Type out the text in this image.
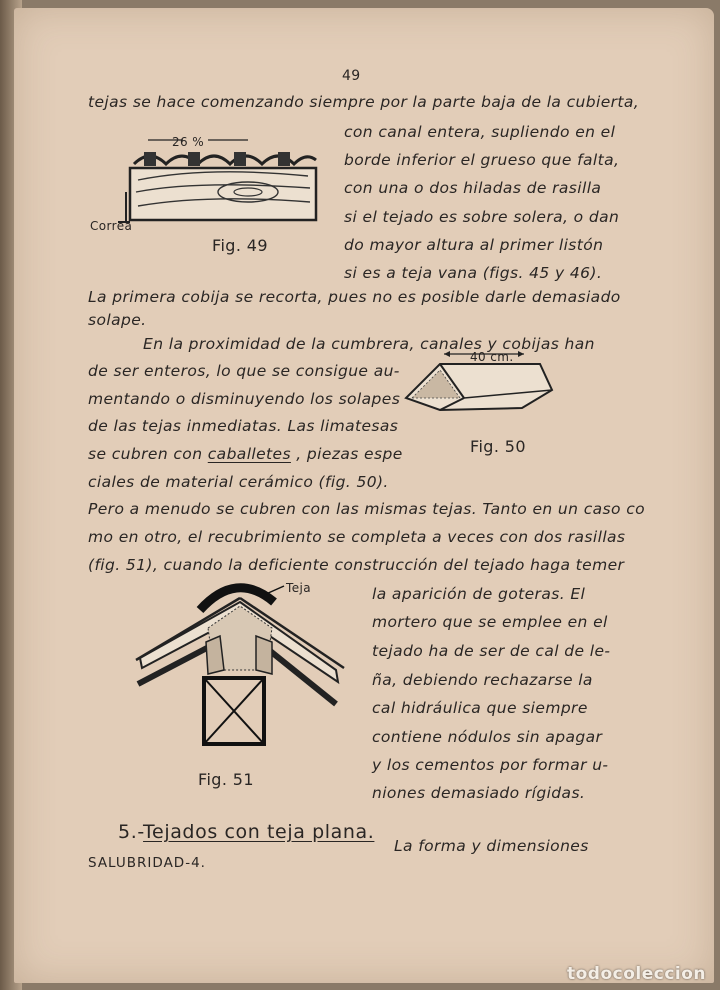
49

tejas se hace comenzando siempre por la parte baja de la cubierta,

con canal entera, supliendo en el

borde inferior el grueso que falta,

con una o dos hiladas de rasilla

si el tejado es sobre solera, o dan

do mayor altura al primer listón

si es a teja vana (figs. 45 y 46).

La primera cobija se recorta, pues no es posible darle demasiado

solape.

En la proximidad de la cumbrera, canales y cobijas han

de ser enteros, lo que se consigue au-

mentando o disminuyendo los solapes

de las tejas inmediatas. Las limatesas

se cubren con caballetes , piezas espe

ciales de material cerámico (fig. 50).

Pero a menudo se cubren con las mismas tejas. Tanto en un caso co

mo en otro, el recubrimiento se completa a veces con dos rasillas

(fig. 51), cuando la deficiente construcción del tejado haga temer

la aparición de goteras. El

mortero que se emplee en el

tejado ha de ser de cal de le-

ña, debiendo rechazarse la

cal hidráulica que siempre

contiene nódulos sin apagar

y los cementos por formar u-

niones demasiado rígidas.

26 %

Correa

Fig. 49

40 cm.

Fig. 50

Teja

Fig. 51

5.-Tejados con teja plana.

La forma y dimensiones

SALUBRIDAD-4.

todocoleccion
